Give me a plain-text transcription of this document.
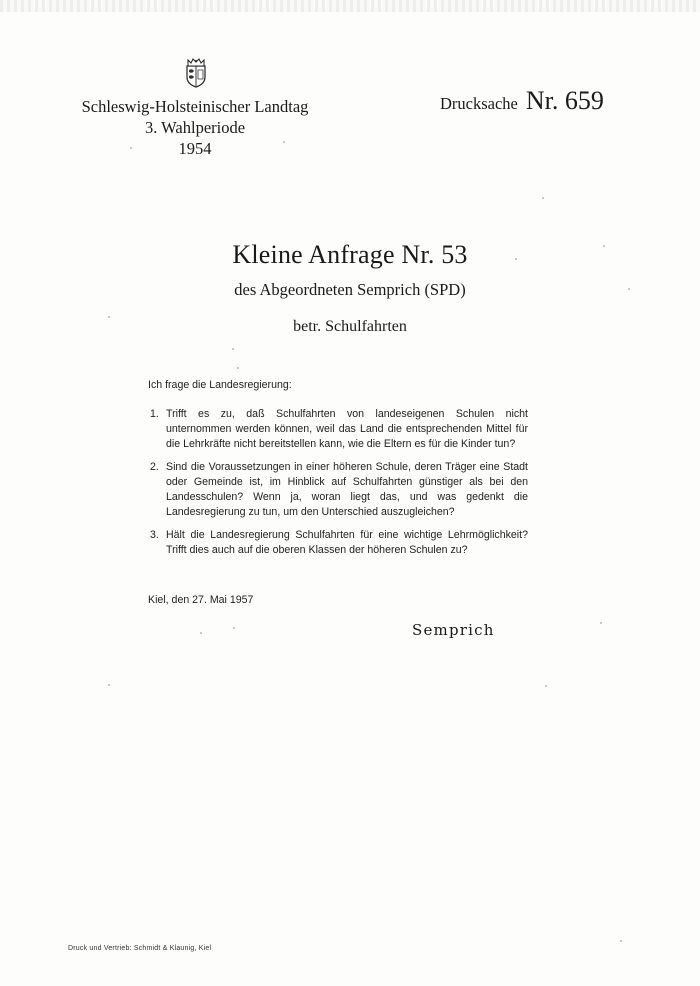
Schleswig-Holsteinischer Landtag
3. Wahlperiode
1954
Drucksache Nr. 659
Kleine Anfrage Nr. 53
des Abgeordneten Semprich (SPD)
betr. Schulfahrten

Ich frage die Landesregierung:

1. Trifft es zu, daß Schulfahrten von landeseigenen Schulen nicht unternommen werden können, weil das Land die entsprechenden Mittel für die Lehrkräfte nicht bereitstellen kann, wie die Eltern es für die Kinder tun?
2. Sind die Voraussetzungen in einer höheren Schule, deren Träger eine Stadt oder Gemeinde ist, im Hinblick auf Schulfahrten günstiger als bei den Landesschulen? Wenn ja, woran liegt das, und was gedenkt die Landesregierung zu tun, um den Unterschied auszugleichen?
3. Hält die Landesregierung Schulfahrten für eine wichtige Lehrmöglichkeit? Trifft dies auch auf die oberen Klassen der höheren Schulen zu?
Kiel, den 27. Mai 1957
Semprich
Druck und Vertrieb: Schmidt & Klaunig, Kiel
